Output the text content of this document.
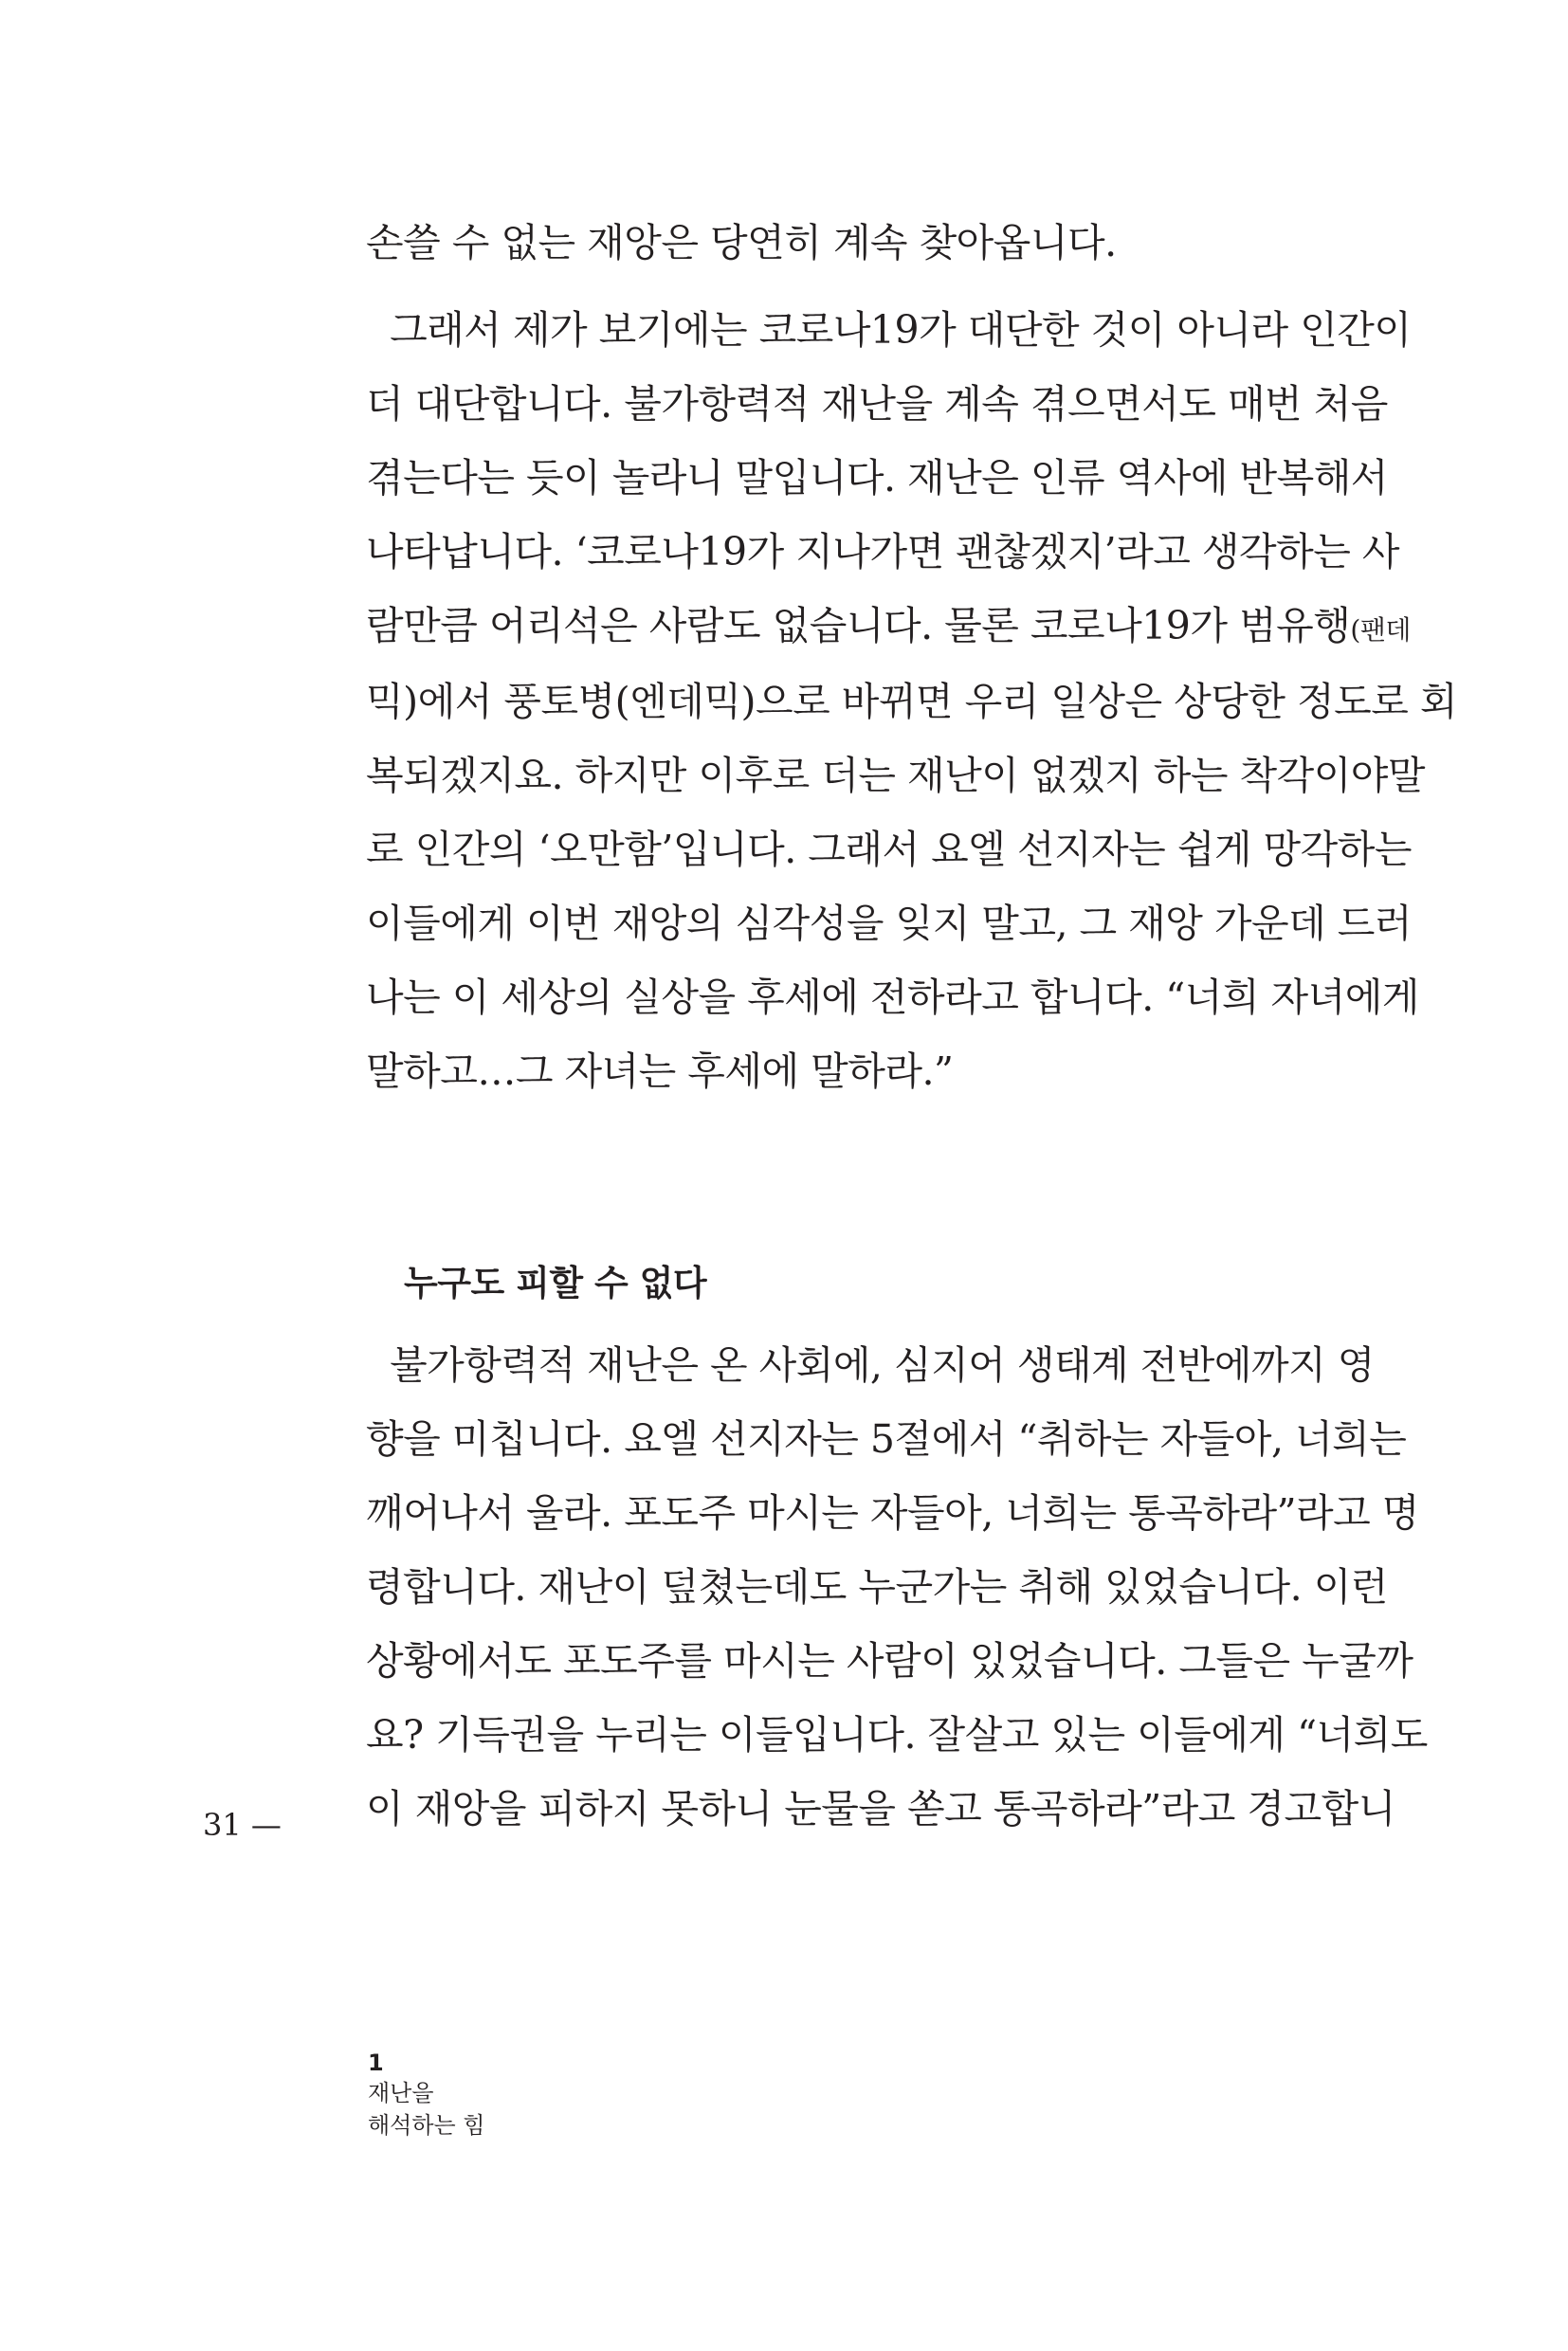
손쓸 수 없는 재앙은 당연히 계속 찾아옵니다.
그래서 제가 보기에는 코로나19가 대단한 것이 아니라 인간이
더 대단합니다. 불가항력적 재난을 계속 겪으면서도 매번 처음
겪는다는 듯이 놀라니 말입니다. 재난은 인류 역사에 반복해서
나타납니다. ‘코로나19가 지나가면 괜찮겠지’라고 생각하는 사
람만큼 어리석은 사람도 없습니다. 물론 코로나19가 범유행(팬데
믹)에서 풍토병(엔데믹)으로 바뀌면 우리 일상은 상당한 정도로 회
복되겠지요. 하지만 이후로 더는 재난이 없겠지 하는 착각이야말
로 인간의 ‘오만함’입니다. 그래서 요엘 선지자는 쉽게 망각하는
이들에게 이번 재앙의 심각성을 잊지 말고, 그 재앙 가운데 드러
나는 이 세상의 실상을 후세에 전하라고 합니다. “너희 자녀에게
말하고…그 자녀는 후세에 말하라.”
누구도 피할 수 없다
불가항력적 재난은 온 사회에, 심지어 생태계 전반에까지 영
향을 미칩니다. 요엘 선지자는 5절에서 “취하는 자들아, 너희는
깨어나서 울라. 포도주 마시는 자들아, 너희는 통곡하라”라고 명
령합니다. 재난이 덮쳤는데도 누군가는 취해 있었습니다. 이런
상황에서도 포도주를 마시는 사람이 있었습니다. 그들은 누굴까
요? 기득권을 누리는 이들입니다. 잘살고 있는 이들에게 “너희도
이 재앙을 피하지 못하니 눈물을 쏟고 통곡하라”라고 경고합니
31 —
1
재난을
해석하는 힘
